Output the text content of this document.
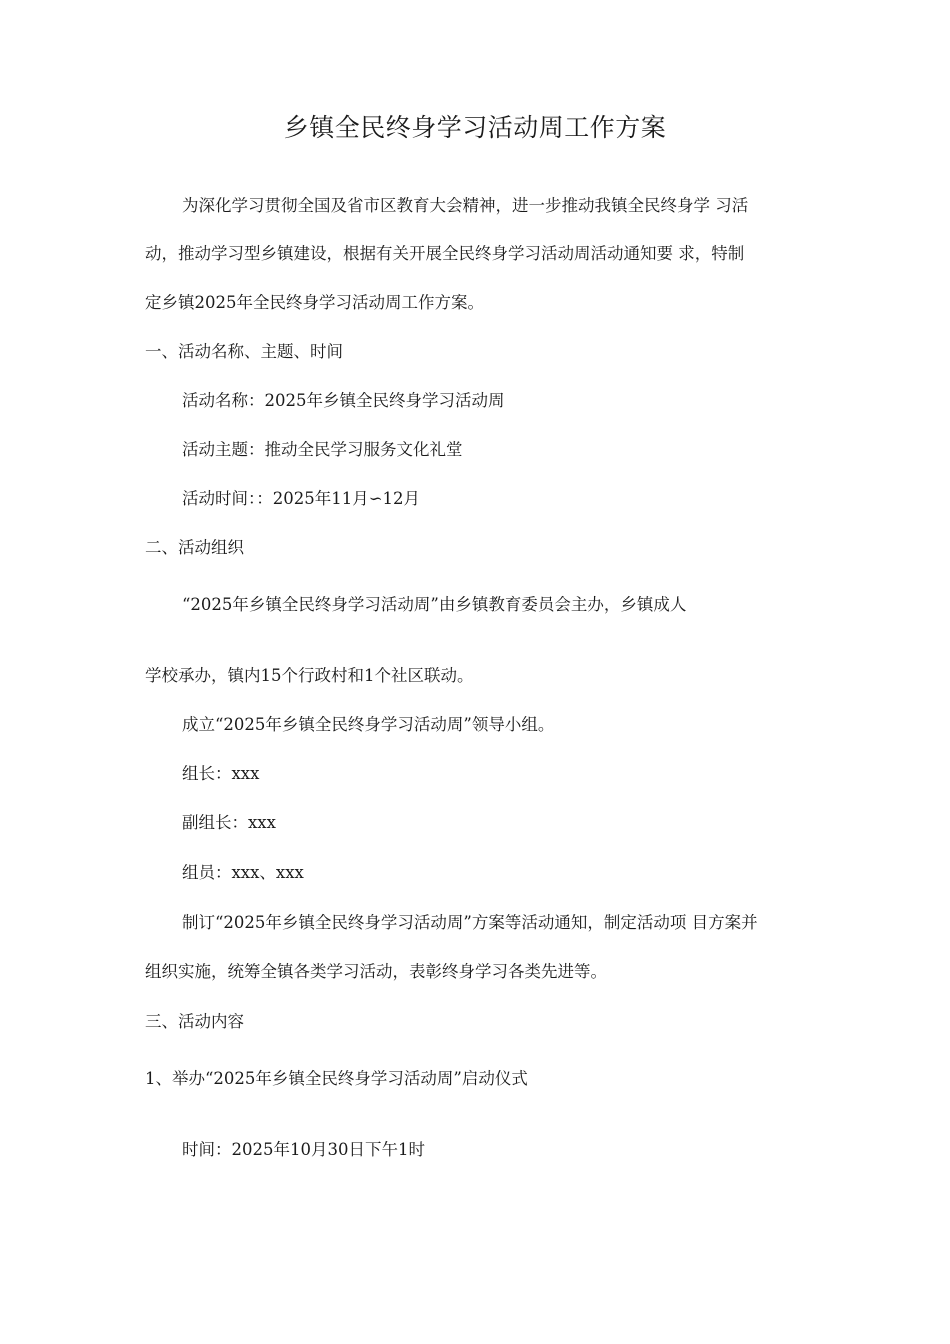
乡镇全民终身学习活动周工作方案
为深化学习贯彻全国及省市区教育大会精神，进一步推动我镇全民终身学 习活
动，推动学习型乡镇建设，根据有关开展全民终身学习活动周活动通知要 求，特制
定乡镇2025年全民终身学习活动周工作方案。
一、活动名称、主题、时间
活动名称：2025年乡镇全民终身学习活动周
活动主题：推动全民学习服务文化礼堂
活动时间：：2025年11月∽12月
二、活动组织
“2025年乡镇全民终身学习活动周”由乡镇教育委员会主办，乡镇成人
学校承办，镇内15个行政村和1个社区联动。
成立“2025年乡镇全民终身学习活动周”领导小组。
组长：xxx
副组长：xxx
组员：xxx、xxx
制订“2025年乡镇全民终身学习活动周”方案等活动通知，制定活动项 目方案并
组织实施，统筹全镇各类学习活动，表彰终身学习各类先进等。
三、活动内容
1、举办“2025年乡镇全民终身学习活动周”启动仪式
时间：2025年10月30日下午1时
